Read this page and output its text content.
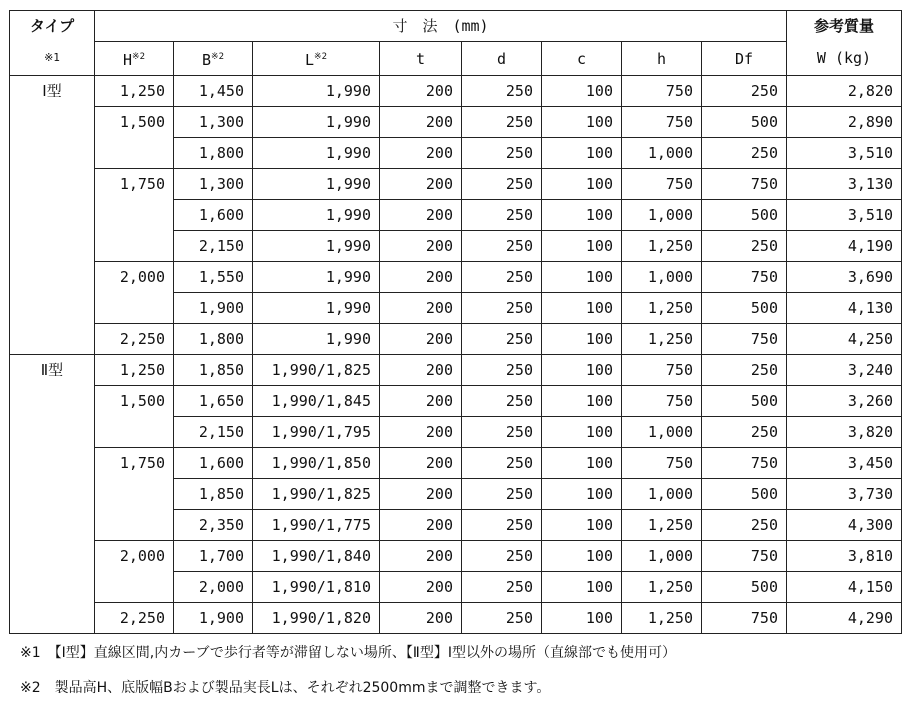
タイプ	寸　法　(mm)								参考質量
※1	$H^{※2}$	$B^{※2}$	$L^{※2}$	t	d	c	h	Df	W (kg)
Ⅰ型	1,250	1,450	1,990	200	250	100	750	250	2,820
	1,500	1,300	1,990	200	250	100	750	500	2,890
		1,800	1,990	200	250	100	1,000	250	3,510
	1,750	1,300	1,990	200	250	100	750	750	3,130
		1,600	1,990	200	250	100	1,000	500	3,510
		2,150	1,990	200	250	100	1,250	250	4,190
	2,000	1,550	1,990	200	250	100	1,000	750	3,690
		1,900	1,990	200	250	100	1,250	500	4,130
	2,250	1,800	1,990	200	250	100	1,250	750	4,250
Ⅱ型	1,250	1,850	1,990/1,825	200	250	100	750	250	3,240
	1,500	1,650	1,990/1,845	200	250	100	750	500	3,260
		2,150	1,990/1,795	200	250	100	1,000	250	3,820
	1,750	1,600	1,990/1,850	200	250	100	750	750	3,450
		1,850	1,990/1,825	200	250	100	1,000	500	3,730
		2,350	1,990/1,775	200	250	100	1,250	250	4,300
	2,000	1,700	1,990/1,840	200	250	100	1,000	750	3,810
		2,000	1,990/1,810	200	250	100	1,250	500	4,150
	2,250	1,900	1,990/1,820	200	250	100	1,250	750	4,290
※1　【Ⅰ型】直線区間,内カーブで歩行者等が滞留しない場所、【Ⅱ型】Ⅰ型以外の場所（直線部でも使用可）
※2　製品高H、底版幅Bおよび製品実長Lは、それぞれ2500mmまで調整できます。
